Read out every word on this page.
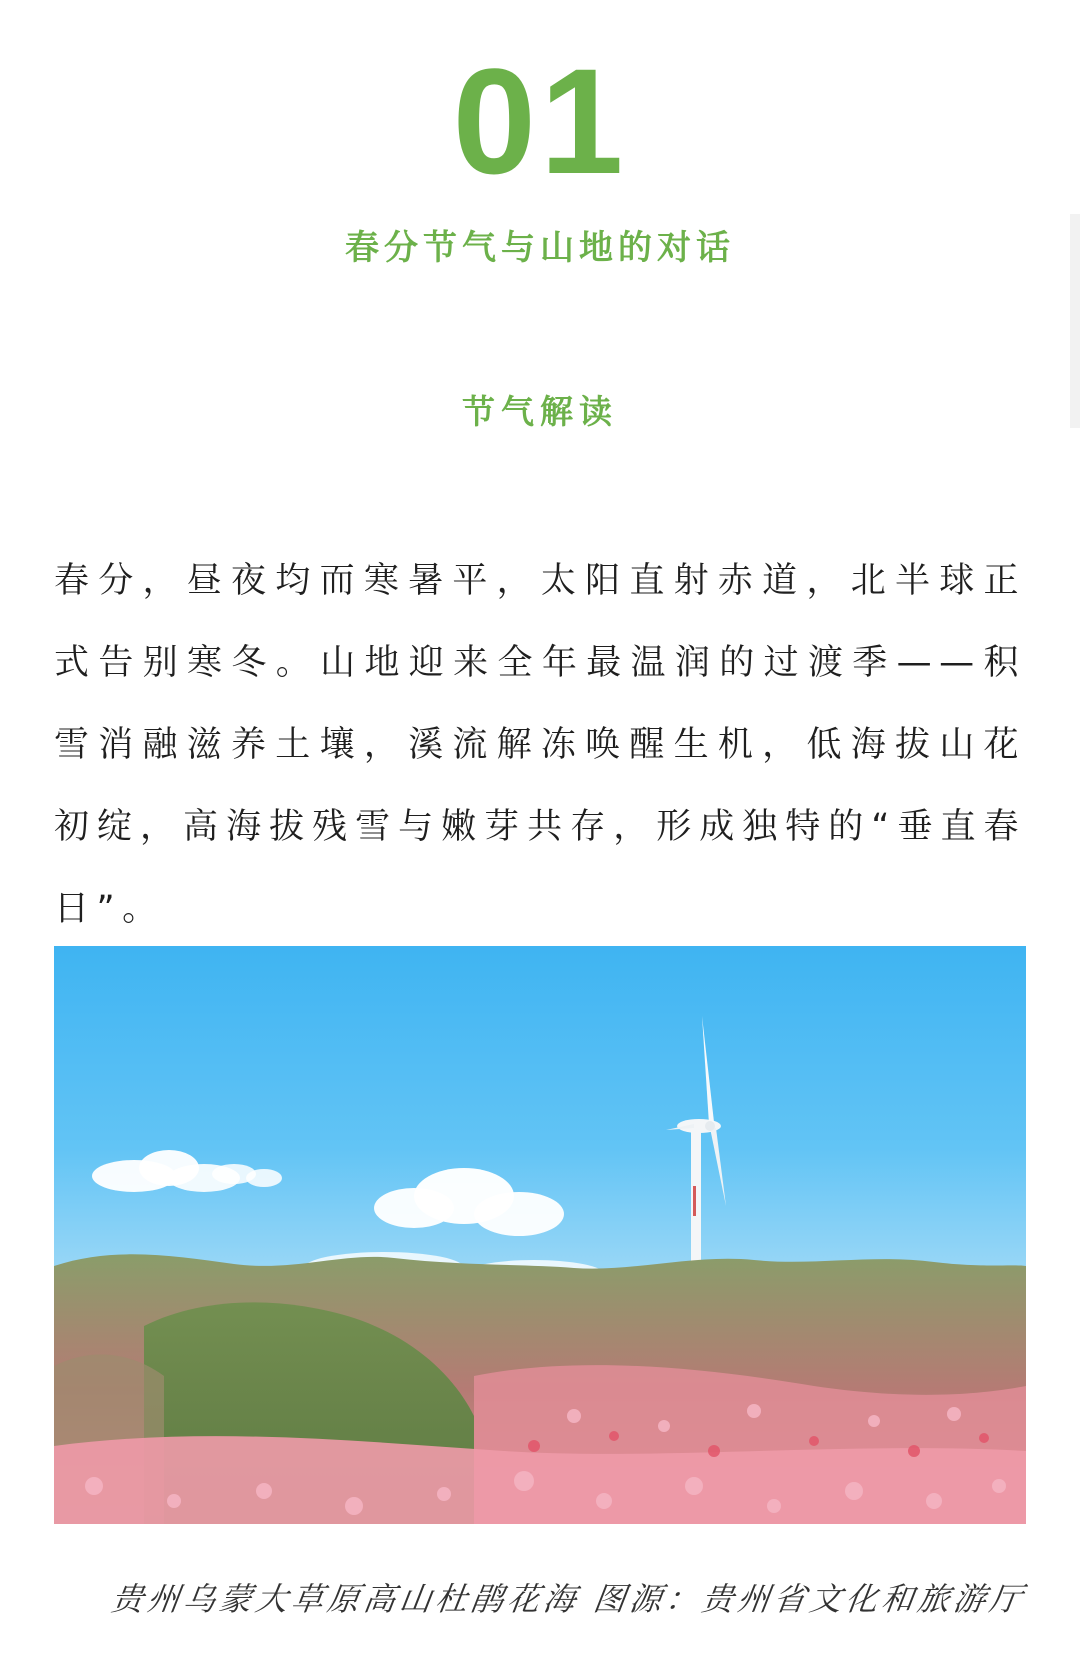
01
春分节气与山地的对话
节气解读

春分，昼夜均而寒暑平，太阳直射赤道，北半球正式告别寒冬。山地迎来全年最温润的过渡季——积雪消融滋养土壤，溪流解冻唤醒生机，低海拔山花初绽，高海拔残雪与嫩芽共存，形成独特的“垂直春日”。

贵州乌蒙大草原高山杜鹃花海 图源：贵州省文化和旅游厅
